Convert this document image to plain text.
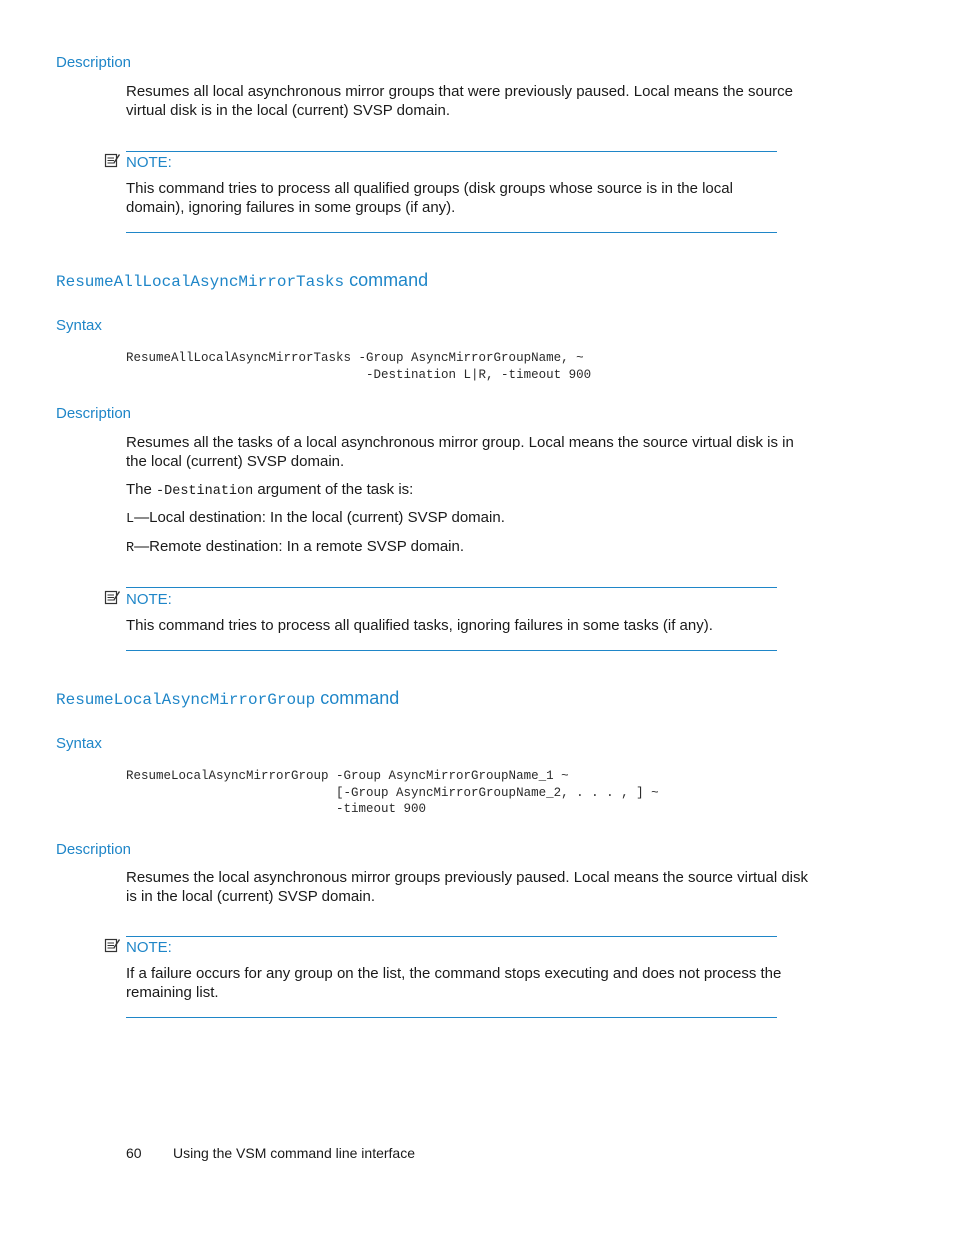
Description
Resumes all local asynchronous mirror groups that were previously paused. Local means the source virtual disk is in the local (current) SVSP domain.
NOTE:
This command tries to process all qualified groups (disk groups whose source is in the local domain), ignoring failures in some groups (if any).
ResumeAllLocalAsyncMirrorTasks command
Syntax
ResumeAllLocalAsyncMirrorTasks -Group AsyncMirrorGroupName, ~
-Destination L|R, -timeout 900
Description
Resumes all the tasks of a local asynchronous mirror group. Local means the source virtual disk is in the local (current) SVSP domain.
The -Destination argument of the task is:
L—Local destination: In the local (current) SVSP domain.
R—Remote destination: In a remote SVSP domain.
NOTE:
This command tries to process all qualified tasks, ignoring failures in some tasks (if any).
ResumeLocalAsyncMirrorGroup command
Syntax
ResumeLocalAsyncMirrorGroup -Group AsyncMirrorGroupName_1 ~
[-Group AsyncMirrorGroupName_2, . . . , ] ~
-timeout 900
Description
Resumes the local asynchronous mirror groups previously paused. Local means the source virtual disk is in the local (current) SVSP domain.
NOTE:
If a failure occurs for any group on the list, the command stops executing and does not process the remaining list.
60 Using the VSM command line interface
